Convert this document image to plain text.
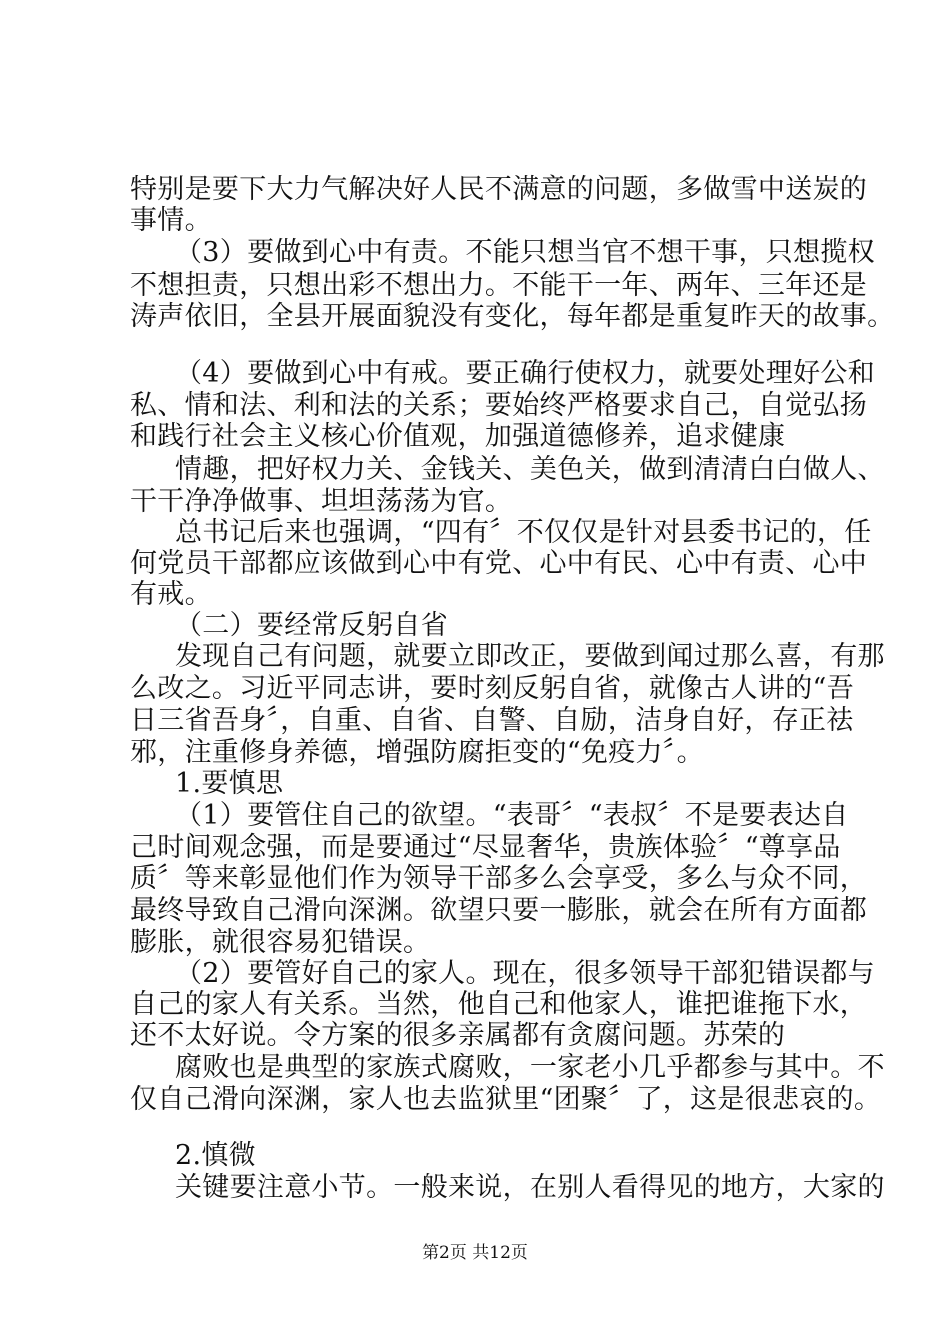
特别是要下大力气解决好人民不满意的问题，多做雪中送炭的
事情。
（3）要做到心中有责。不能只想当官不想干事，只想揽权
不想担责，只想出彩不想出力。不能干一年、两年、三年还是
涛声依旧，全县开展面貌没有变化，每年都是重复昨天的故事。
（4）要做到心中有戒。要正确行使权力，就要处理好公和
私、情和法、利和法的关系；要始终严格要求自己，自觉弘扬
和践行社会主义核心价值观，加强道德修养，追求健康
情趣，把好权力关、金钱关、美色关，做到清清白白做人、
干干净净做事、坦坦荡荡为官。
总书记后来也强调，“四有〞不仅仅是针对县委书记的，任
何党员干部都应该做到心中有党、心中有民、心中有责、心中
有戒。
（二）要经常反躬自省
发现自己有问题，就要立即改正，要做到闻过那么喜，有那
么改之。习近平同志讲，要时刻反躬自省，就像古人讲的“吾
日三省吾身〞，自重、自省、自警、自励，洁身自好，存正祛
邪，注重修身养德，增强防腐拒变的“免疫力〞。
1.要慎思
（1）要管住自己的欲望。“表哥〞“表叔〞不是要表达自
己时间观念强，而是要通过“尽显奢华，贵族体验〞“尊享品
质〞等来彰显他们作为领导干部多么会享受，多么与众不同，
最终导致自己滑向深渊。欲望只要一膨胀，就会在所有方面都
膨胀，就很容易犯错误。
（2）要管好自己的家人。现在，很多领导干部犯错误都与
自己的家人有关系。当然，他自己和他家人，谁把谁拖下水，
还不太好说。令方案的很多亲属都有贪腐问题。苏荣的
腐败也是典型的家族式腐败，一家老小几乎都参与其中。不
仅自己滑向深渊，家人也去监狱里“团聚〞了，这是很悲哀的。
2.慎微
关键要注意小节。一般来说，在别人看得见的地方，大家的
第2页 共12页
